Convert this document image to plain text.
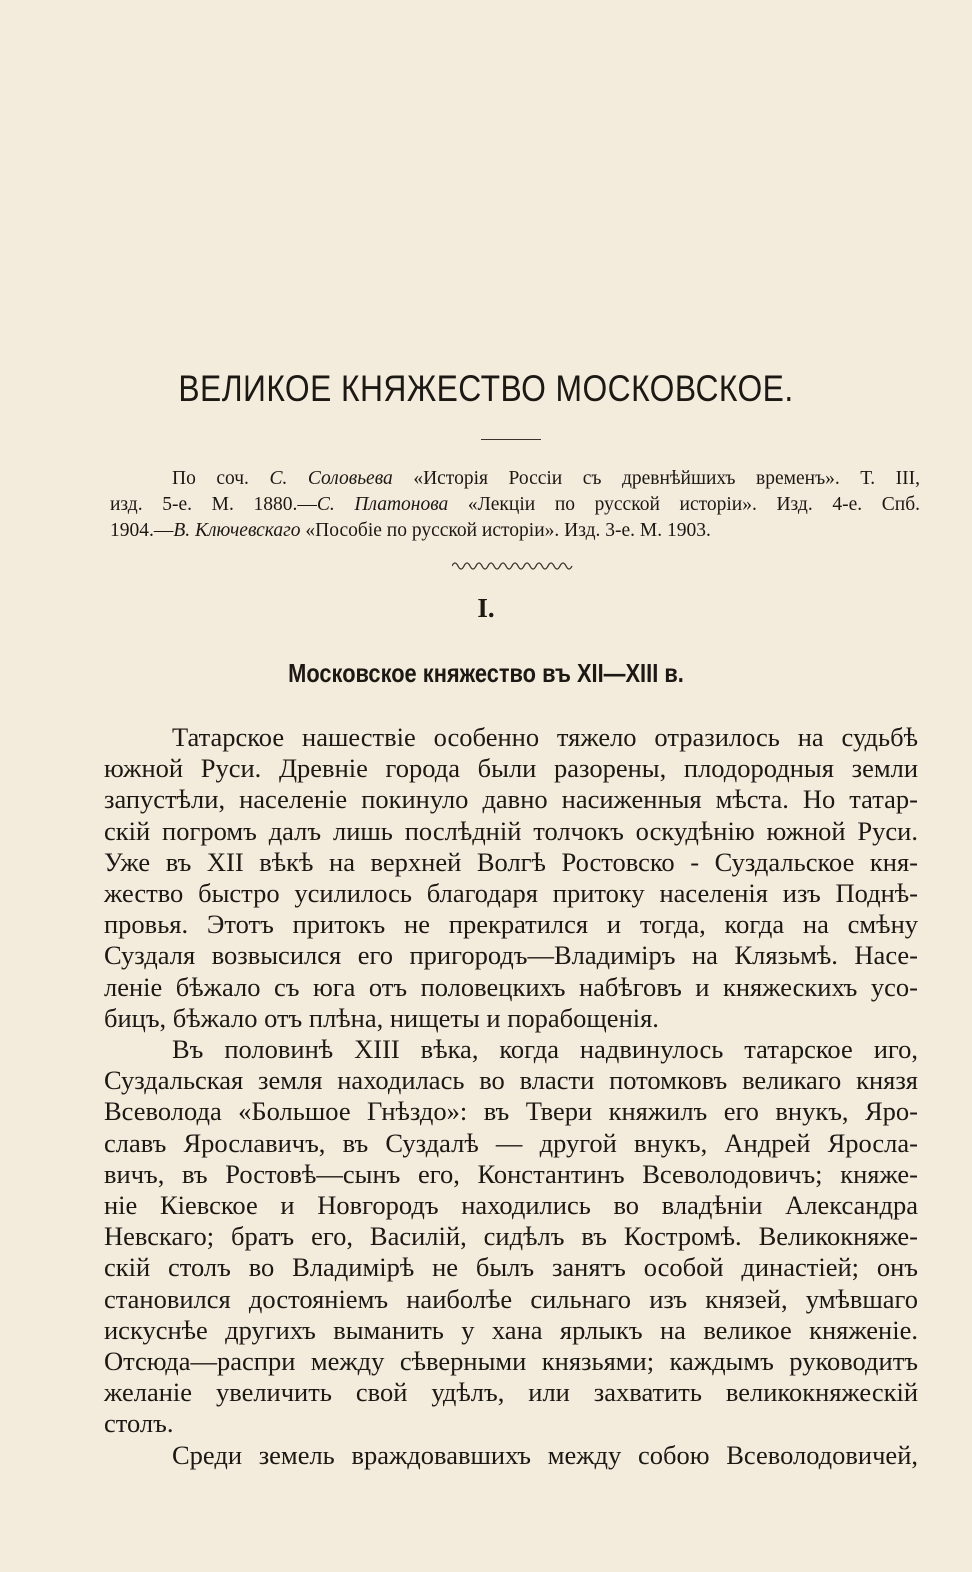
ВЕЛИКОЕ КНЯЖЕСТВО МОСКОВСКОЕ.

По соч. С. Соловьева «Исторія Россіи съ древнѣйшихъ временъ». Т. III,
изд. 5-е. М. 1880.—С. Платонова «Лекціи по русской исторіи». Изд. 4-е. Спб.
1904.—В. Ключевскаго «Пособіе по русской исторіи». Изд. 3-е. М. 1903.

I.
Московское княжество въ XII—XIII в.
Татарское нашествіе особенно тяжело отразилось на судьбѣ
южной Руси. Древніе города были разорены, плодородныя земли
запустѣли, населеніе покинуло давно насиженныя мѣста. Но татар-
скій погромъ далъ лишь послѣдній толчокъ оскудѣнію южной Руси.
Уже въ XII вѣкѣ на верхней Волгѣ Ростовско - Суздальское кня-
жество быстро усилилось благодаря притоку населенія изъ Поднѣ-
провья. Этотъ притокъ не прекратился и тогда, когда на смѣну
Суздаля возвысился его пригородъ—Владиміръ на Клязьмѣ. Насе-
леніе бѣжало съ юга отъ половецкихъ набѣговъ и княжескихъ усо-
бицъ, бѣжало отъ плѣна, нищеты и порабощенія.
Въ половинѣ XIII вѣка, когда надвинулось татарское иго,
Суздальская земля находилась во власти потомковъ великаго князя
Всеволода «Большое Гнѣздо»: въ Твери княжилъ его внукъ, Яро-
славъ Ярославичъ, въ Суздалѣ — другой внукъ, Андрей Яросла-
вичъ, въ Ростовѣ—сынъ его, Константинъ Всеволодовичъ; княже-
ніе Кіевское и Новгородъ находились во владѣніи Александра
Невскаго; братъ его, Василій, сидѣлъ въ Костромѣ. Великокняже-
скій столъ во Владимірѣ не былъ занятъ особой династіей; онъ
становился достояніемъ наиболѣе сильнаго изъ князей, умѣвшаго
искуснѣе другихъ выманить у хана ярлыкъ на великое княженіе.
Отсюда—распри между сѣверными князьями; каждымъ руководитъ
желаніе увеличить свой удѣлъ, или захватить великокняжескій
столъ.
Среди земель враждовавшихъ между собою Всеволодовичей,
